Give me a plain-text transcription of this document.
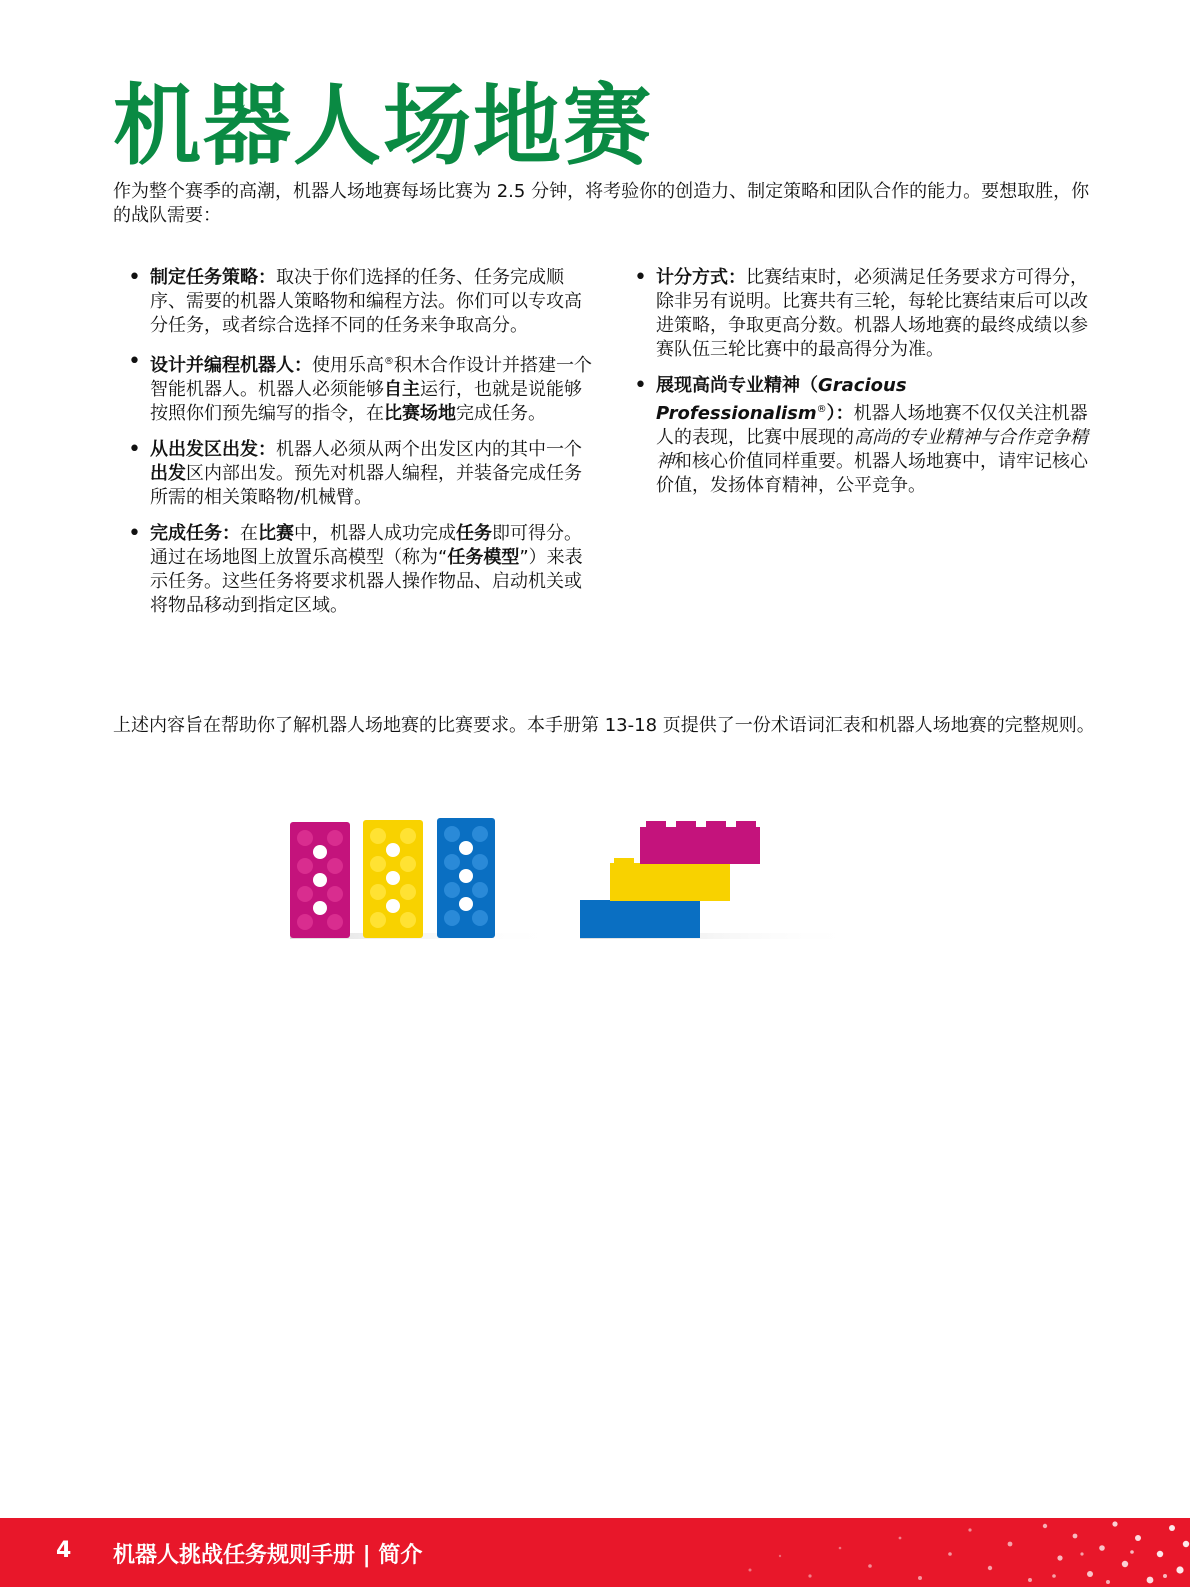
机器人场地赛

作为整个赛季的高潮，机器人场地赛每场比赛为 2.5 分钟，将考验你的创造力、制定策略和团队合作的能力。要想取胜，你的战队需要：

• 制定任务策略：取决于你们选择的任务、任务完成顺序、需要的机器人策略物和编程方法。你们可以专攻高分任务，或者综合选择不同的任务来争取高分。
• 设计并编程机器人：使用乐高®积木合作设计并搭建一个智能机器人。机器人必须能够自主运行，也就是说能够按照你们预先编写的指令，在比赛场地完成任务。
• 从出发区出发：机器人必须从两个出发区内的其中一个出发区内部出发。预先对机器人编程，并装备完成任务所需的相关策略物/机械臂。
• 完成任务：在比赛中，机器人成功完成任务即可得分。通过在场地图上放置乐高模型（称为“任务模型”）来表示任务。这些任务将要求机器人操作物品、启动机关或将物品移动到指定区域。
• 计分方式：比赛结束时，必须满足任务要求方可得分，除非另有说明。比赛共有三轮，每轮比赛结束后可以改进策略，争取更高分数。机器人场地赛的最终成绩以参赛队伍三轮比赛中的最高得分为准。
• 展现高尚专业精神（Gracious Professionalism®）：机器人场地赛不仅仅关注机器人的表现，比赛中展现的高尚的专业精神与合作竞争精神和核心价值同样重要。机器人场地赛中，请牢记核心价值，发扬体育精神，公平竞争。

上述内容旨在帮助你了解机器人场地赛的比赛要求。本手册第 13-18 页提供了一份术语词汇表和机器人场地赛的完整规则。

4 机器人挑战任务规则手册 | 简介
